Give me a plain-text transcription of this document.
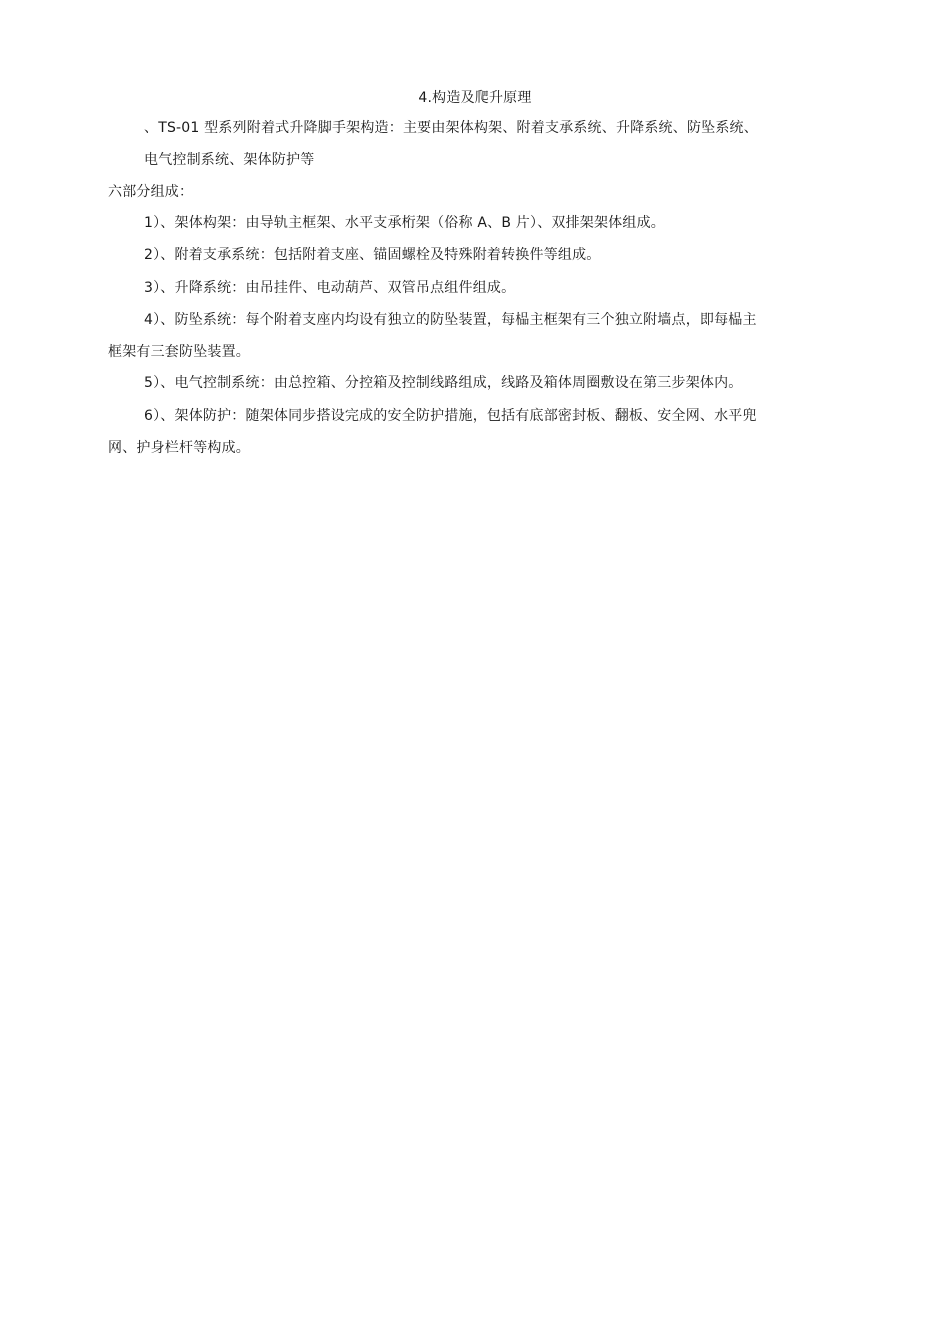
4.构造及爬升原理
、TS-01 型系列附着式升降脚手架构造：主要由架体构架、附着支承系统、升降系统、防坠系统、
电气控制系统、架体防护等
六部分组成：
1）、架体构架：由导轨主框架、水平支承桁架（俗称 A、B 片）、双排架架体组成。
2）、附着支承系统：包括附着支座、锚固螺栓及特殊附着转换件等组成。
3）、升降系统：由吊挂件、电动葫芦、双管吊点组件组成。
4）、防坠系统：每个附着支座内均设有独立的防坠装置，每榀主框架有三个独立附墙点，即每榀主
框架有三套防坠装置。
5）、电气控制系统：由总控箱、分控箱及控制线路组成，线路及箱体周圈敷设在第三步架体内。
6）、架体防护：随架体同步搭设完成的安全防护措施，包括有底部密封板、翻板、安全网、水平兜
网、护身栏杆等构成。
